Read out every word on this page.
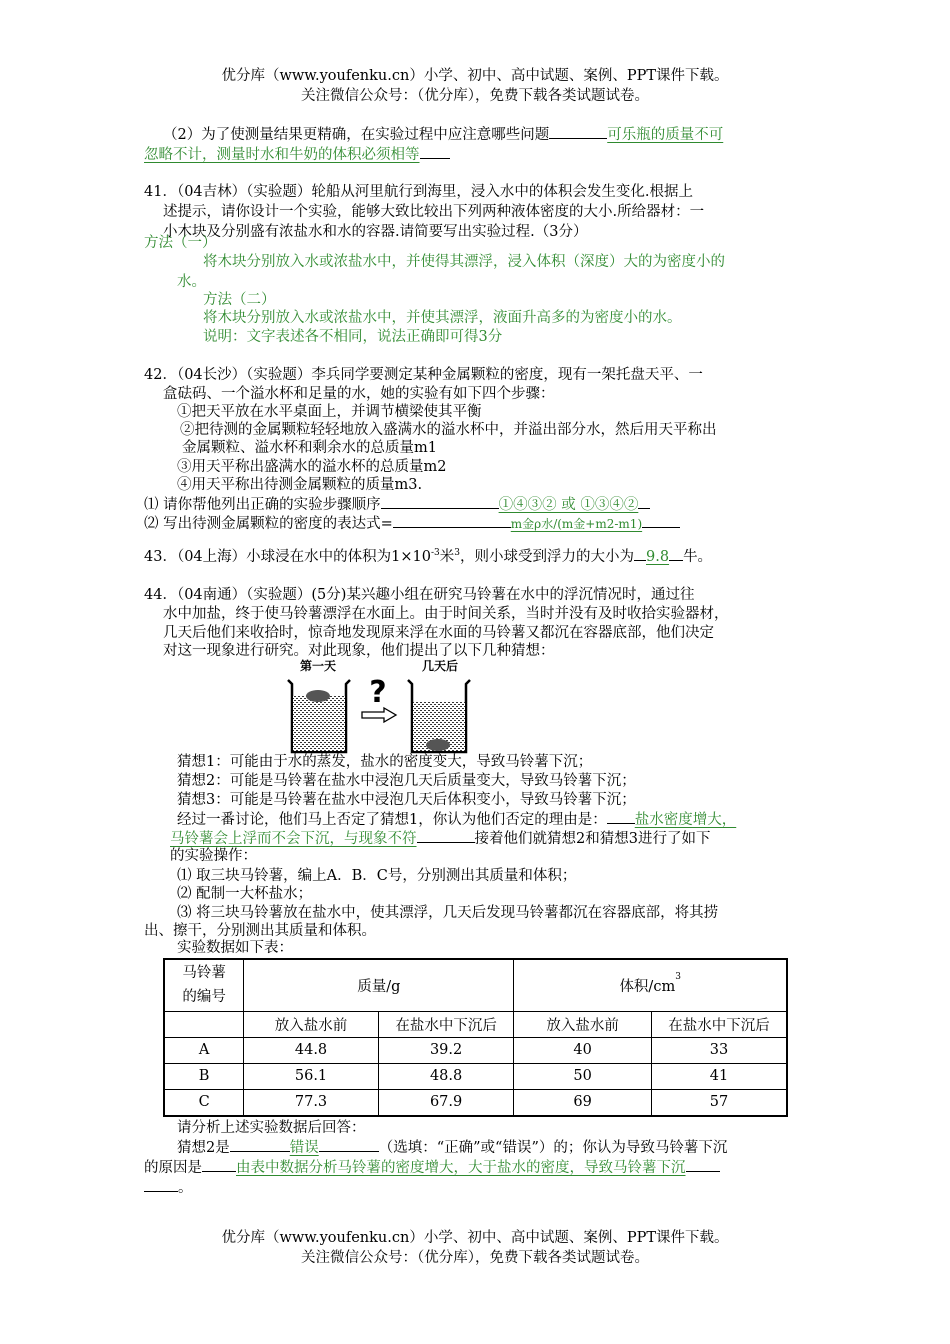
优分库（www.youfenku.cn）小学、初中、高中试题、案例、PPT课件下载。
关注微信公众号：（优分库），免费下载各类试题试卷。
（2）为了使测量结果更精确，在实验过程中应注意哪些问题	可乐瓶的质量不可
忽略不计，测量时水和牛奶的体积必须相等
41．（04吉林）（实验题）轮船从河里航行到海里，浸入水中的体积会发生变化.根据上
述提示，请你设计一个实验，能够大致比较出下列两种液体密度的大小.所给器材：一
小木块及分别盛有浓盐水和水的容器.请简要写出实验过程.（3分）
方法（一）
将木块分别放入水或浓盐水中，并使得其漂浮，浸入体积（深度）大的为密度小的
水。
方法（二）
将木块分别放入水或浓盐水中，并使其漂浮，液面升高多的为密度小的水。
说明：文字表述各不相同，说法正确即可得3分
42．（04长沙）（实验题）李兵同学要测定某种金属颗粒的密度，现有一架托盘天平、一
盒砝码、一个溢水杯和足量的水，她的实验有如下四个步骤：
①把天平放在水平桌面上，并调节横梁使其平衡
②把待测的金属颗粒轻轻地放入盛满水的溢水杯中，并溢出部分水，然后用天平称出
金属颗粒、溢水杯和剩余水的总质量m1
③用天平称出盛满水的溢水杯的总质量m2
④用天平称出待测金属颗粒的质量m3.
⑴ 请你帮他列出正确的实验步骤顺序	①④③② 或 ①③④②
⑵ 写出待测金属颗粒的密度的表达式=	m金ρ水/(m金+m2-m1)
43．（04上海）小球浸在水中的体积为$1\times 10^{-3}$米$^3$，则小球受到浮力的大小为 9.8 牛。
44．（04南通）（实验题）(5分)某兴趣小组在研究马铃薯在水中的浮沉情况时，通过往
水中加盐，终于使马铃薯漂浮在水面上。由于时间关系，当时并没有及时收拾实验器材，
几天后他们来收拾时，惊奇地发现原来浮在水面的马铃薯又都沉在容器底部，他们决定
对这一现象进行研究。对此现象，他们提出了以下几种猜想：
第一天	几天后
?
猜想1：可能由于水的蒸发，盐水的密度变大，导致马铃薯下沉；
猜想2：可能是马铃薯在盐水中浸泡几天后质量变大，导致马铃薯下沉；
猜想3：可能是马铃薯在盐水中浸泡几天后体积变小，导致马铃薯下沉；
经过一番讨论，他们马上否定了猜想1，你认为他们否定的理由是： 盐水密度增大，
马铃薯会上浮而不会下沉，与现象不符	接着他们就猜想2和猜想3进行了如下
的实验操作：
⑴ 取三块马铃薯，编上A．B．C号，分别测出其质量和体积；
⑵ 配制一大杯盐水；
⑶ 将三块马铃薯放在盐水中，使其漂浮，几天后发现马铃薯都沉在容器底部，将其捞
出、擦干，分别测出其质量和体积。
实验数据如下表：
马铃薯
的编号	质量/g		体积$/cm^3$
	放入盐水前	在盐水中下沉后	放入盐水前	在盐水中下沉后
A	44.8	39.2	40	33
B	56.1	48.8	50	41
C	77.3	67.9	69	57
请分析上述实验数据后回答：
猜想2是	错误	（选填：“正确”或“错误”）的；你认为导致马铃薯下沉
的原因是 由表中数据分析马铃薯的密度增大，大于盐水的密度，导致马铃薯下沉
。
优分库（www.youfenku.cn）小学、初中、高中试题、案例、PPT课件下载。
关注微信公众号：（优分库），免费下载各类试题试卷。
